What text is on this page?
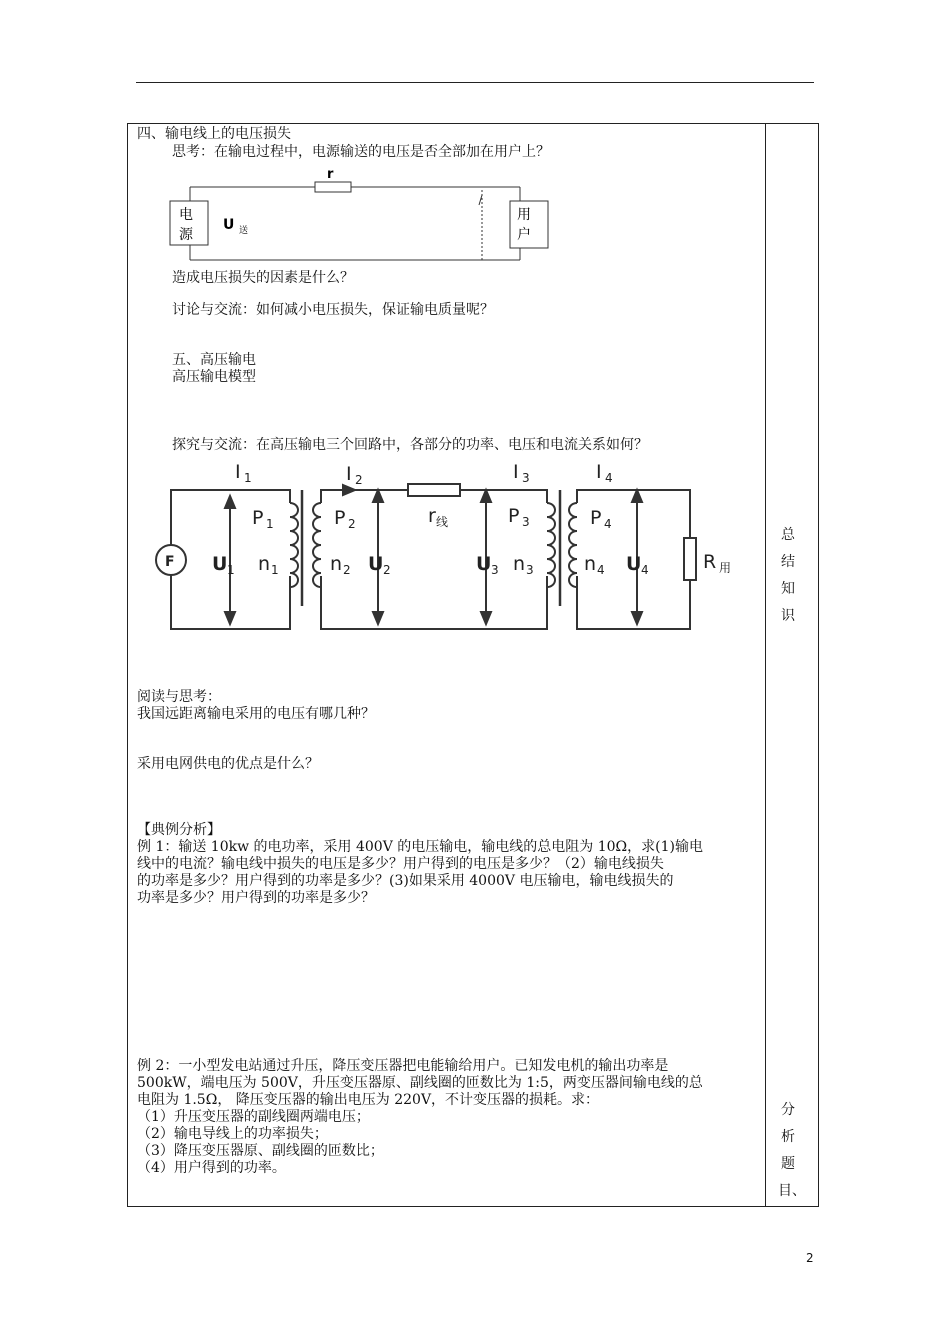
四、输电线上的电压损失
思考：在输电过程中，电源输送的电压是否全部加在用户上？
r
电
源
U 送
用
户
造成电压损失的因素是什么？
讨论与交流：如何减小电压损失，保证输电质量呢？
五、高压输电
高压输电模型
探究与交流：在高压输电三个回路中，各部分的功率、电压和电流关系如何？
I 1	I 2	I 3	I 4
P 1	P 2	P 3	P 4
U 1	U 2	U 3	U 4
n 1	n 2	n 3	n 4
r 线
R 用
F
阅读与思考：
我国远距离输电采用的电压有哪几种？
采用电网供电的优点是什么？
【典例分析】
例 1：输送 10kw 的电功率，采用 400V 的电压输电，输电线的总电阻为 10Ω，求(1)输电
线中的电流？输电线中损失的电压是多少？用户得到的电压是多少？（2）输电线损失
的功率是多少？用户得到的功率是多少？(3)如果采用 4000V 电压输电，输电线损失的
功率是多少？用户得到的功率是多少？
例 2：一小型发电站通过升压，降压变压器把电能输给用户。已知发电机的输出功率是
500kW，端电压为 500V，升压变压器原、副线圈的匝数比为 1:5，两变压器间输电线的总
电阻为 1.5Ω， 降压变压器的输出电压为 220V，不计变压器的损耗。求：
（1）升压变压器的副线圈两端电压；
（2）输电导线上的功率损失；
（3）降压变压器原、副线圈的匝数比；
（4）用户得到的功率。
总
结
知
识
分
析
题
目、
2
